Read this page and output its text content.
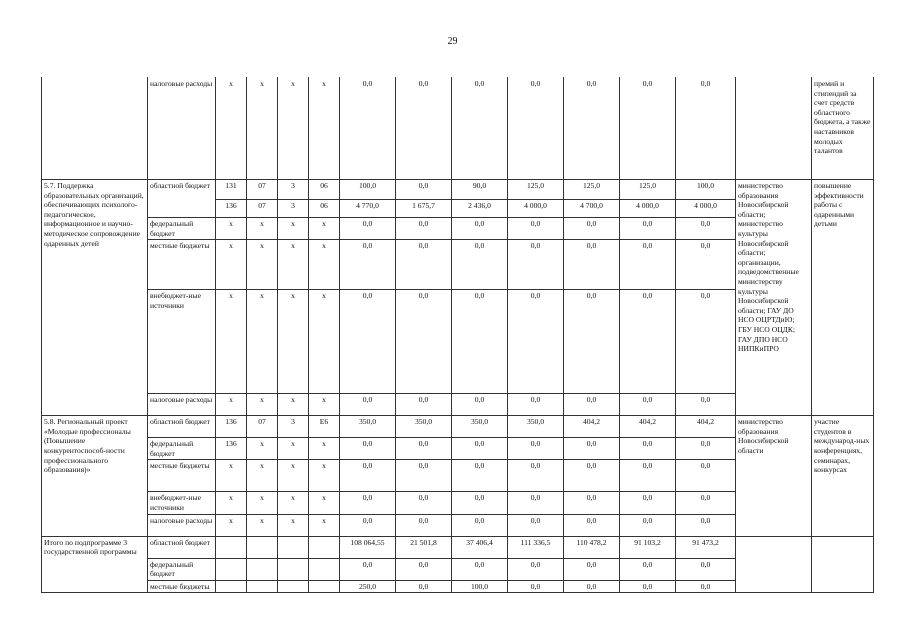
29
	налоговые расходы	х	х	х	х	0,0	0,0	0,0	0,0	0,0	0,0	0,0		премий и стипендий за счет средств областного бюджета, а также наставников молодых талантов
5.7. Поддержка образовательных организаций, обеспечивающих психолого-педагогическое, информационное и научно-методическое сопровождение одаренных детей	областной бюджет	131	07	3	06	100,0	0,0	90,0	125,0	125,0	125,0	100,0	министерство образования Новосибирской области; министерство культуры Новосибирской области; организации, подведомственные министерству культуры Новосибирской области; ГАУ ДО НСО ОЦРТДиЮ; ГБУ НСО ОЦДК; ГАУ ДПО НСО НИПКиПРО	повышение эффективности работы с одаренными детьми
		136	07	3	06	4 770,0	1 675,7	2 436,0	4 000,0	4 700,0	4 000,0	4 000,0		
	федеральный бюджет	х	х	х	х	0,0	0,0	0,0	0,0	0,0	0,0	0,0		
	местные бюджеты	х	х	х	х	0,0	0,0	0,0	0,0	0,0	0,0	0,0		
	внебюджет-ные источники	х	х	х	х	0,0	0,0	0,0	0,0	0,0	0,0	0,0		
	налоговые расходы	х	х	х	х	0,0	0,0	0,0	0,0	0,0	0,0	0,0		
5.8. Региональный проект «Молодые профессионалы (Повышение конкурентоспособ-ности профессионального образования)»	областной бюджет	136	07	3	Е6	350,0	350,0	350,0	350,0	404,2	404,2	404,2	министерство образования Новосибирской области	участие студентов в международ-ных конференциях, семинарах, конкурсах
	федеральный бюджет	136	х	х	х	0,0	0,0	0,0	0,0	0,0	0,0	0,0		
	местные бюджеты	х	х	х	х	0,0	0,0	0,0	0,0	0,0	0,0	0,0		
	внебюджет-ные источники	х	х	х	х	0,0	0,0	0,0	0,0	0,0	0,0	0,0		
	налоговые расходы	х	х	х	х	0,0	0,0	0,0	0,0	0,0	0,0	0,0		
Итого по подпрограмме 3 государственной программы	областной бюджет					108 064,55	21 501,8	37 406,4	111 336,5	110 478,2	91 103,2	91 473,2		
	федеральный бюджет					0,0	0,0	0,0	0,0	0,0	0,0	0,0		
	местные бюджеты					250,0	0,0	100,0	0,0	0,0	0,0	0,0		
